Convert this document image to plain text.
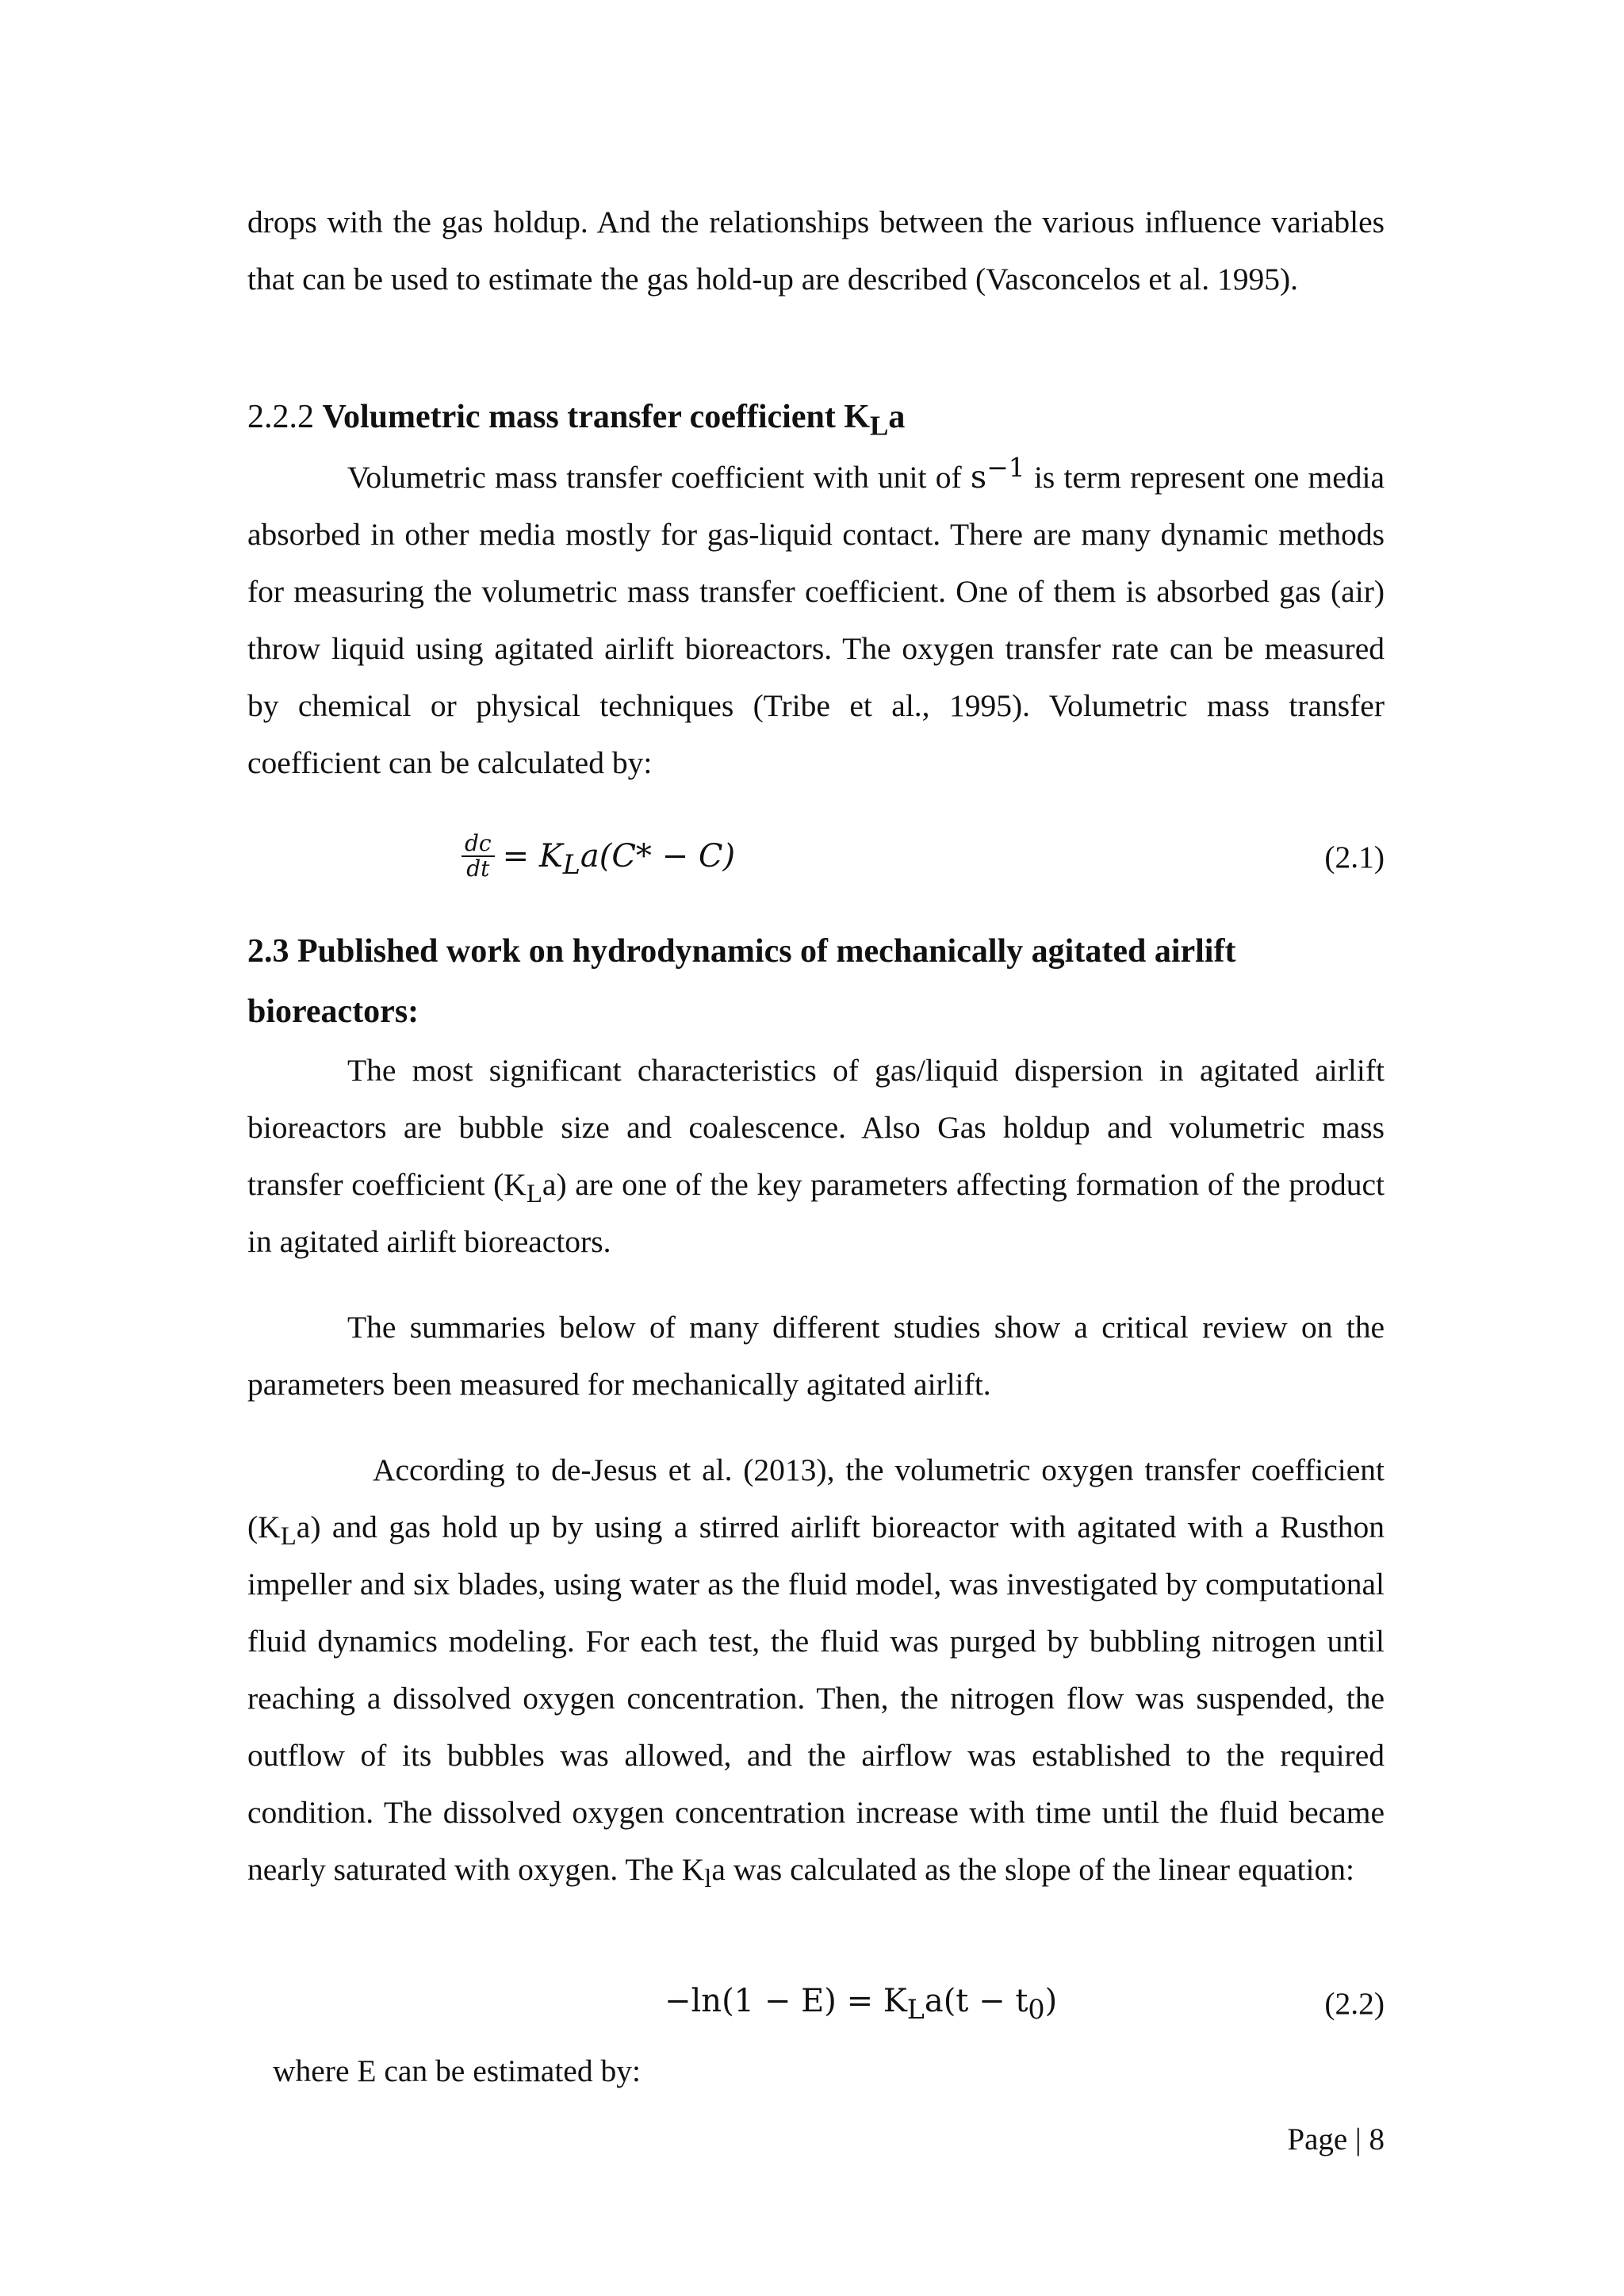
drops with the gas holdup. And the relationships between the various influence variables that can be used to estimate the gas hold-up are described (Vasconcelos et al. 1995).

2.2.2 Volumetric mass transfer coefficient $K_La$

Volumetric mass transfer coefficient with unit of $s^{-1}$ is term represent one media absorbed in other media mostly for gas-liquid contact. There are many dynamic methods for measuring the volumetric mass transfer coefficient. One of them is absorbed gas (air) throw liquid using agitated airlift bioreactors. The oxygen transfer rate can be measured by chemical or physical techniques (Tribe et al., 1995). Volumetric mass transfer coefficient can be calculated by:

$\frac{dc}{dt} = K_La(C* - C)$	(2.1)

2.3 Published work on hydrodynamics of mechanically agitated airlift
bioreactors:

The most significant characteristics of gas/liquid dispersion in agitated airlift bioreactors are bubble size and coalescence. Also Gas holdup and volumetric mass transfer coefficient $(K_La)$ are one of the key parameters affecting formation of the product in agitated airlift bioreactors.

The summaries below of many different studies show a critical review on the parameters been measured for mechanically agitated airlift.

According to de-Jesus et al. (2013), the volumetric oxygen transfer coefficient $(K_La)$ and gas hold up by using a stirred airlift bioreactor with agitated with a Rusthon impeller and six blades, using water as the fluid model, was investigated by computational fluid dynamics modeling. For each test, the fluid was purged by bubbling nitrogen until reaching a dissolved oxygen concentration. Then, the nitrogen flow was suspended, the outflow of its bubbles was allowed, and the airflow was established to the required condition. The dissolved oxygen concentration increase with time until the fluid became nearly saturated with oxygen. The $K_la$ was calculated as the slope of the linear equation:

$-\ln(1 - E) = K_La(t - t_0)$	(2.2)

where E can be estimated by:

Page | 8
